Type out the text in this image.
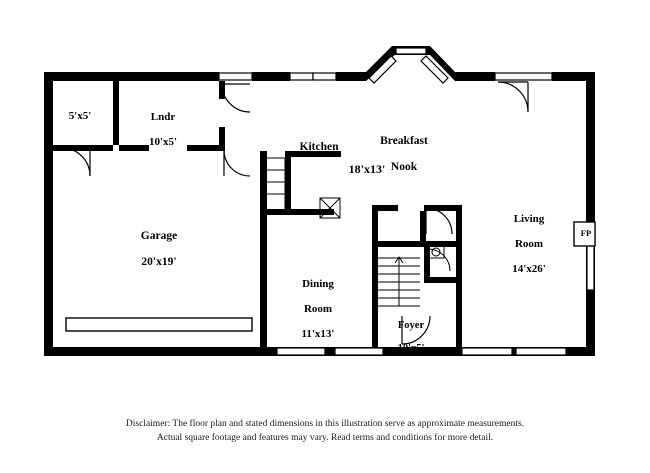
5'x5'	Lndr

10'x5'

Garage

20'x19'

Kitchen	Breakfast

Nook

18'x13'

Dining

Room

11'x13'

Foyer

10'x5'

Living

Room

14'x26'

FP
Disclaimer: The floor plan and stated dimensions in this illustration serve as approximate measurements.
Actual square footage and features may vary. Read terms and conditions for more detail.
